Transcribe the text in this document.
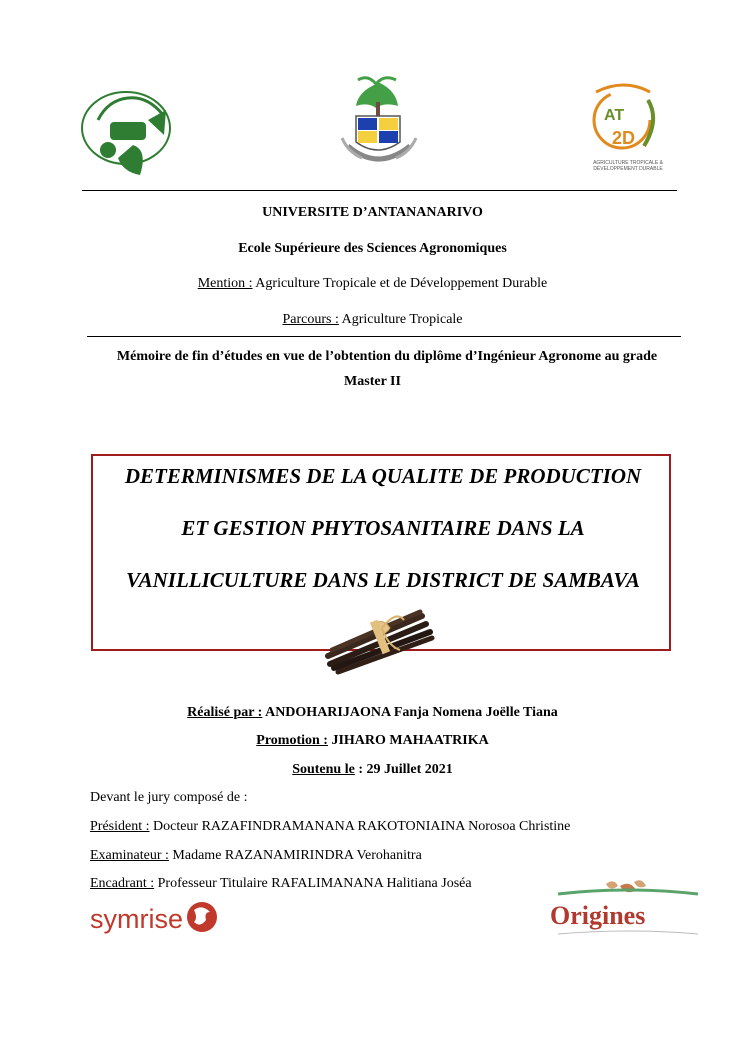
AT
2D
AGRICULTURE TROPICALE &
DÉVELOPPEMENT DURABLE
UNIVERSITE D’ANTANANARIVO
Ecole Supérieure des Sciences Agronomiques
Mention : Agriculture Tropicale et de Développement Durable
Parcours : Agriculture Tropicale
Mémoire de fin d’études en vue de l’obtention du diplôme d’Ingénieur Agronome au grade
Master II
DETERMINISMES DE LA QUALITE DE PRODUCTION
ET GESTION PHYTOSANITAIRE DANS LA
VANILLICULTURE DANS LE DISTRICT DE SAMBAVA
Réalisé par : ANDOHARIJAONA Fanja Nomena Joëlle Tiana
Promotion : JIHARO MAHAATRIKA
Soutenu le : 29 Juillet 2021
Devant le jury composé de :
Président : Docteur RAZAFINDRAMANANA RAKOTONIAINA Norosoa Christine
Examinateur : Madame RAZANAMIRINDRA Verohanitra
Encadrant : Professeur Titulaire RAFALIMANANA Halitiana Joséa
symrise	Origines
